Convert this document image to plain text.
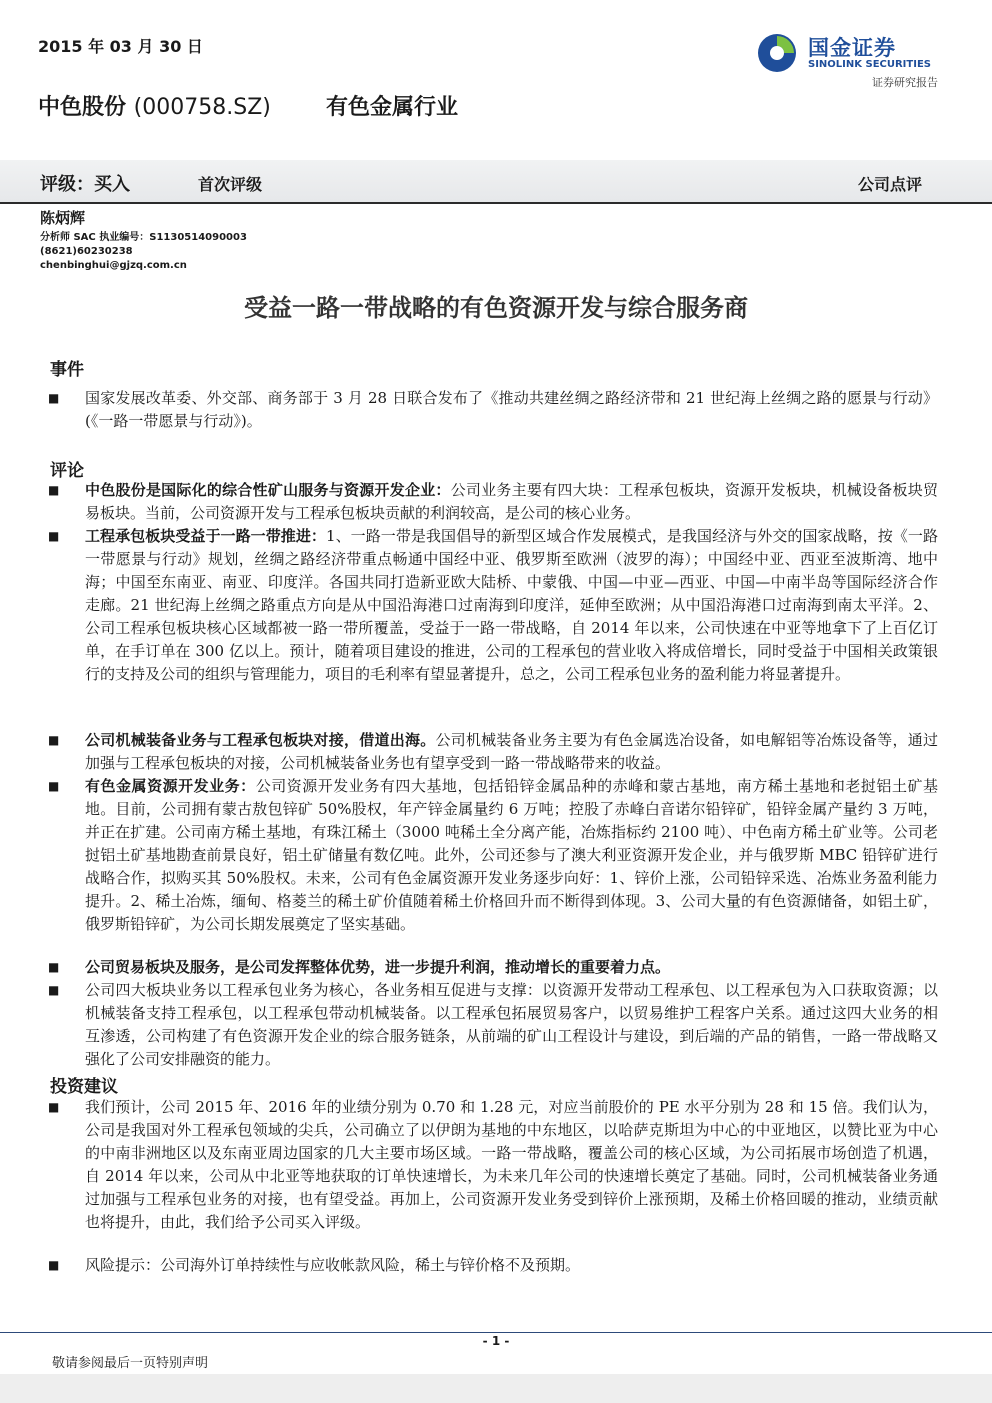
2015 年 03 月 30 日	国金证券
SINOLINK SECURITIES
证券研究报告
中色股份 (000758.SZ)	有色金属行业
评级：买入	首次评级	公司点评
陈炳辉
分析师 SAC 执业编号：S1130514090003
(8621)60230238
chenbinghui@gjzq.com.cn
受益一路一带战略的有色资源开发与综合服务商
事件
■ 国家发展改革委、外交部、商务部于 3 月 28 日联合发布了《推动共建丝绸之路经济带和 21 世纪海上丝绸之路的愿景与行动》(《一路一带愿景与行动》)。
评论
■ 中色股份是国际化的综合性矿山服务与资源开发企业：公司业务主要有四大块：工程承包板块，资源开发板块，机械设备板块贸易板块。当前，公司资源开发与工程承包板块贡献的利润较高，是公司的核心业务。
■ 工程承包板块受益于一路一带推进：1、一路一带是我国倡导的新型区域合作发展模式，是我国经济与外交的国家战略，按《一路一带愿景与行动》规划，丝绸之路经济带重点畅通中国经中亚、俄罗斯至欧洲（波罗的海）；中国经中亚、西亚至波斯湾、地中海；中国至东南亚、南亚、印度洋。各国共同打造新亚欧大陆桥、中蒙俄、中国—中亚—西亚、中国—中南半岛等国际经济合作走廊。21 世纪海上丝绸之路重点方向是从中国沿海港口过南海到印度洋，延伸至欧洲；从中国沿海港口过南海到南太平洋。2、公司工程承包板块核心区域都被一路一带所覆盖，受益于一路一带战略，自 2014 年以来，公司快速在中亚等地拿下了上百亿订单，在手订单在 300 亿以上。预计，随着项目建设的推进，公司的工程承包的营业收入将成倍增长，同时受益于中国相关政策银行的支持及公司的组织与管理能力，项目的毛利率有望显著提升，总之，公司工程承包业务的盈利能力将显著提升。
■ 公司机械装备业务与工程承包板块对接，借道出海。公司机械装备业务主要为有色金属选冶设备，如电解铝等冶炼设备等，通过加强与工程承包板块的对接，公司机械装备业务也有望享受到一路一带战略带来的收益。
■ 有色金属资源开发业务：公司资源开发业务有四大基地，包括铅锌金属品种的赤峰和蒙古基地，南方稀土基地和老挝铝土矿基地。目前，公司拥有蒙古敖包锌矿 50%股权，年产锌金属量约 6 万吨；控股了赤峰白音诺尔铅锌矿，铅锌金属产量约 3 万吨，并正在扩建。公司南方稀土基地，有珠江稀土（3000 吨稀土全分离产能，冶炼指标约 2100 吨）、中色南方稀土矿业等。公司老挝铝土矿基地勘查前景良好，铝土矿储量有数亿吨。此外，公司还参与了澳大利亚资源开发企业，并与俄罗斯 MBC 铅锌矿进行战略合作，拟购买其 50%股权。未来，公司有色金属资源开发业务逐步向好：1、锌价上涨，公司铅锌采选、冶炼业务盈利能力提升。2、稀土冶炼，缅甸、格菱兰的稀土矿价值随着稀土价格回升而不断得到体现。3、公司大量的有色资源储备，如铝土矿，俄罗斯铅锌矿，为公司长期发展奠定了坚实基础。
■ 公司贸易板块及服务，是公司发挥整体优势，进一步提升利润，推动增长的重要着力点。
■ 公司四大板块业务以工程承包业务为核心，各业务相互促进与支撑：以资源开发带动工程承包、以工程承包为入口获取资源；以机械装备支持工程承包，以工程承包带动机械装备。以工程承包拓展贸易客户，以贸易维护工程客户关系。通过这四大业务的相互渗透，公司构建了有色资源开发企业的综合服务链条，从前端的矿山工程设计与建设，到后端的产品的销售，一路一带战略又强化了公司安排融资的能力。
投资建议
■ 我们预计，公司 2015 年、2016 年的业绩分别为 0.70 和 1.28 元，对应当前股价的 PE 水平分别为 28 和 15 倍。我们认为，公司是我国对外工程承包领域的尖兵，公司确立了以伊朗为基地的中东地区，以哈萨克斯坦为中心的中亚地区，以赞比亚为中心的中南非洲地区以及东南亚周边国家的几大主要市场区域。一路一带战略，覆盖公司的核心区域，为公司拓展市场创造了机遇，自 2014 年以来，公司从中北亚等地获取的订单快速增长，为未来几年公司的快速增长奠定了基础。同时，公司机械装备业务通过加强与工程承包业务的对接，也有望受益。再加上，公司资源开发业务受到锌价上涨预期，及稀土价格回暖的推动，业绩贡献也将提升，由此，我们给予公司买入评级。
■ 风险提示：公司海外订单持续性与应收帐款风险，稀土与锌价格不及预期。
- 1 -
敬请参阅最后一页特别声明
